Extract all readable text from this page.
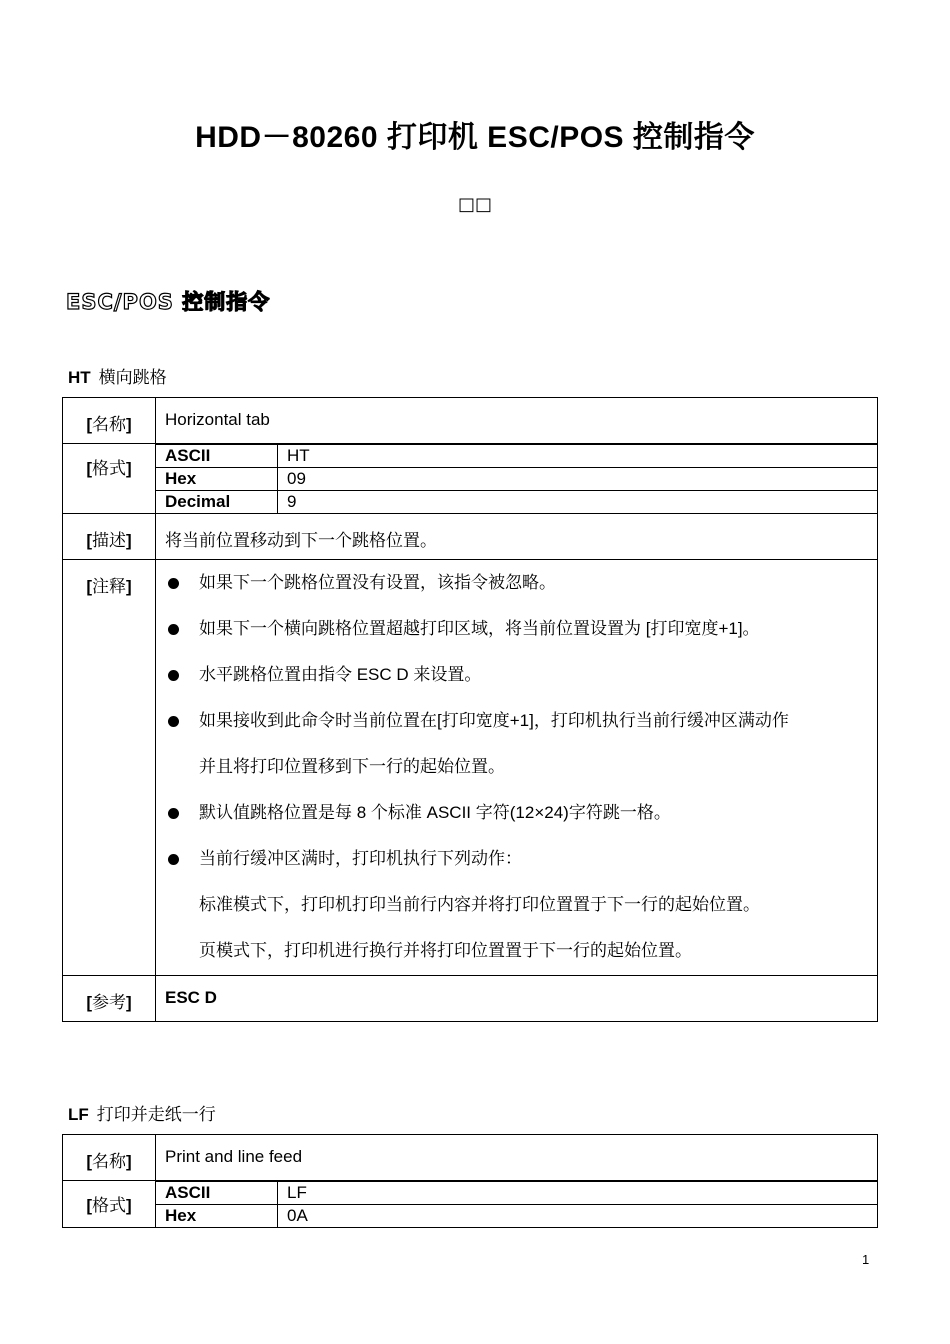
HDD－80260 打印机 ESC/POS 控制指令
□□
ESC/POS 控制指令
HT 横向跳格
[名称]	Horizontal tab
[格式]	
ASCII	HT
Hex	09
Decimal	9

[描述]	将当前位置移动到下一个跳格位置。
[注释]	如果下一个跳格位置没有设置，该指令被忽略。
如果下一个横向跳格位置超越打印区域，将当前位置设置为 [打印宽度+1]。
水平跳格位置由指令 ESC D 来设置。
如果接收到此命令时当前位置在[打印宽度+1]，打印机执行当前行缓冲区满动作
并且将打印位置移到下一行的起始位置。
默认值跳格位置是每 8 个标准 ASCII 字符(12×24)字符跳一格。
当前行缓冲区满时，打印机执行下列动作：
标准模式下，打印机打印当前行内容并将打印位置置于下一行的起始位置。
页模式下，打印机进行换行并将打印位置置于下一行的起始位置。

[参考]	ESC D
LF 打印并走纸一行
[名称]	Print and line feed
[格式]	
ASCII	LF
Hex	0A
1
